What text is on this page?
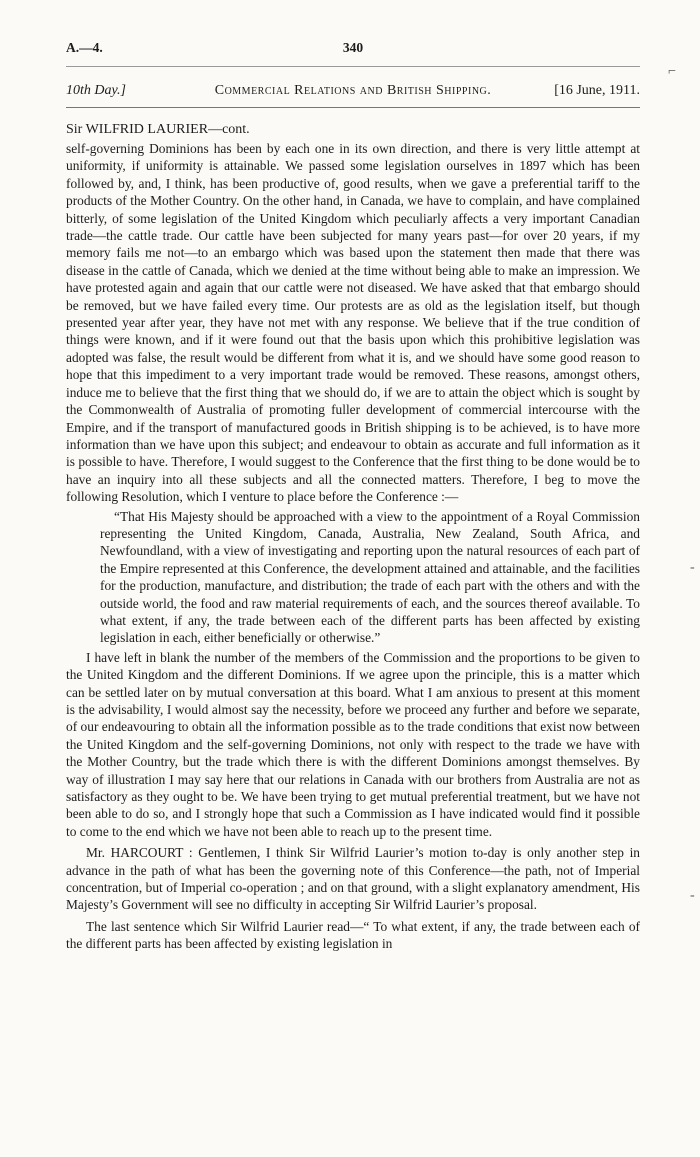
⌐
‐
‐
A.—4.	340
10th Day.]	Commercial Relations and British Shipping.	[16 June, 1911.
Sir WILFRID LAURIER—cont.

self-governing Dominions has been by each one in its own direction, and there is very little attempt at uniformity, if uniformity is attainable. We passed some legislation ourselves in 1897 which has been followed by, and, I think, has been productive of, good results, when we gave a preferential tariff to the products of the Mother Country. On the other hand, in Canada, we have to complain, and have complained bitterly, of some legislation of the United Kingdom which peculiarly affects a very important Canadian trade—the cattle trade. Our cattle have been subjected for many years past—for over 20 years, if my memory fails me not—to an embargo which was based upon the statement then made that there was disease in the cattle of Canada, which we denied at the time without being able to make an impression. We have protested again and again that our cattle were not diseased. We have asked that that embargo should be removed, but we have failed every time. Our protests are as old as the legislation itself, but though presented year after year, they have not met with any response. We believe that if the true condition of things were known, and if it were found out that the basis upon which this prohibitive legislation was adopted was false, the result would be different from what it is, and we should have some good reason to hope that this impediment to a very important trade would be removed. These reasons, amongst others, induce me to believe that the first thing that we should do, if we are to attain the object which is sought by the Commonwealth of Australia of promoting fuller development of commercial intercourse with the Empire, and if the transport of manufactured goods in British shipping is to be achieved, is to have more information than we have upon this subject; and endeavour to obtain as accurate and full information as it is possible to have. Therefore, I would suggest to the Conference that the first thing to be done would be to have an inquiry into all these subjects and all the connected matters. Therefore, I beg to move the following Resolution, which I venture to place before the Conference :—

“That His Majesty should be approached with a view to the appointment of a Royal Commission representing the United Kingdom, Canada, Australia, New Zealand, South Africa, and Newfoundland, with a view of investigating and reporting upon the natural resources of each part of the Empire represented at this Conference, the development attained and attainable, and the facilities for the production, manufacture, and distribution; the trade of each part with the others and with the outside world, the food and raw material requirements of each, and the sources thereof available. To what extent, if any, the trade between each of the different parts has been affected by existing legislation in each, either beneficially or otherwise.”

I have left in blank the number of the members of the Commission and the proportions to be given to the United Kingdom and the different Dominions. If we agree upon the principle, this is a matter which can be settled later on by mutual conversation at this board. What I am anxious to present at this moment is the advisability, I would almost say the necessity, before we proceed any further and before we separate, of our endeavouring to obtain all the information possible as to the trade conditions that exist now between the United Kingdom and the self-governing Dominions, not only with respect to the trade we have with the Mother Country, but the trade which there is with the different Dominions amongst themselves. By way of illustration I may say here that our relations in Canada with our brothers from Australia are not as satisfactory as they ought to be. We have been trying to get mutual preferential treatment, but we have not been able to do so, and I strongly hope that such a Commission as I have indicated would find it possible to come to the end which we have not been able to reach up to the present time.

Mr. HARCOURT : Gentlemen, I think Sir Wilfrid Laurier’s motion to-day is only another step in advance in the path of what has been the governing note of this Conference—the path, not of Imperial concentration, but of Imperial co-operation ; and on that ground, with a slight explanatory amendment, His Majesty’s Government will see no difficulty in accepting Sir Wilfrid Laurier’s proposal.

The last sentence which Sir Wilfrid Laurier read—“ To what extent, if any, the trade between each of the different parts has been affected by existing legislation in
